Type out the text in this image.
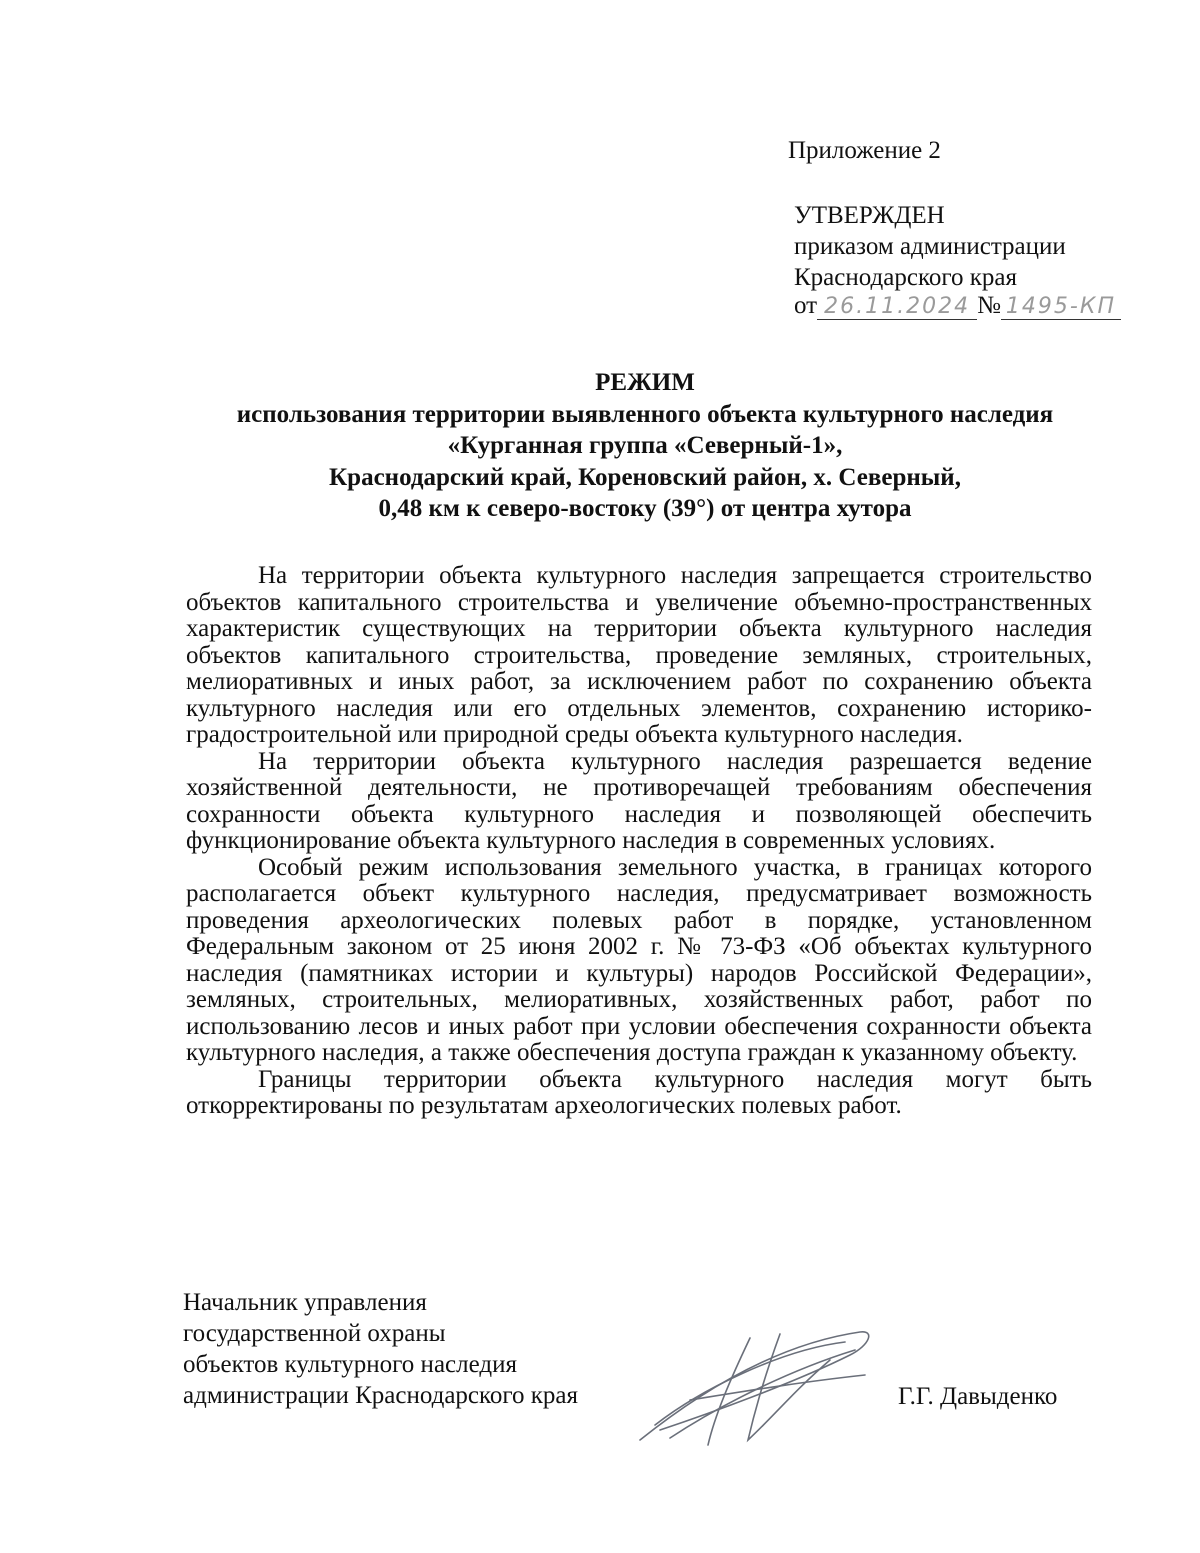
Приложение 2
УТВЕРЖДЕН
приказом администрации
Краснодарского края
от 26.11.2024 № 1495-КП
РЕЖИМ
использования территории выявленного объекта культурного наследия
«Курганная группа «Северный-1»,
Краснодарский край, Кореновский район, х. Северный,
0,48 км к северо-востоку (39°) от центра хутора

На территории объекта культурного наследия запрещается строительство объектов капитального строительства и увеличение объемно-пространственных характеристик существующих на территории объекта культурного наследия объектов капитального строительства, проведение земляных, строительных, мелиоративных и иных работ, за исключением работ по сохранению объекта культурного наследия или его отдельных элементов, сохранению историко-градостроительной или природной среды объекта культурного наследия.

На территории объекта культурного наследия разрешается ведение хозяйственной деятельности, не противоречащей требованиям обеспечения сохранности объекта культурного наследия и позволяющей обеспечить функционирование объекта культурного наследия в современных условиях.

Особый режим использования земельного участка, в границах которого располагается объект культурного наследия, предусматривает возможность проведения археологических полевых работ в порядке, установленном Федеральным законом от 25 июня 2002 г. № 73-ФЗ «Об объектах культурного наследия (памятниках истории и культуры) народов Российской Федерации», земляных, строительных, мелиоративных, хозяйственных работ, работ по использованию лесов и иных работ при условии обеспечения сохранности объекта культурного наследия, а также обеспечения доступа граждан к указанному объекту.

Границы территории объекта культурного наследия могут быть откорректированы по результатам археологических полевых работ.

Начальник управления
государственной охраны
объектов культурного наследия
администрации Краснодарского края	Г.Г. Давыденко
